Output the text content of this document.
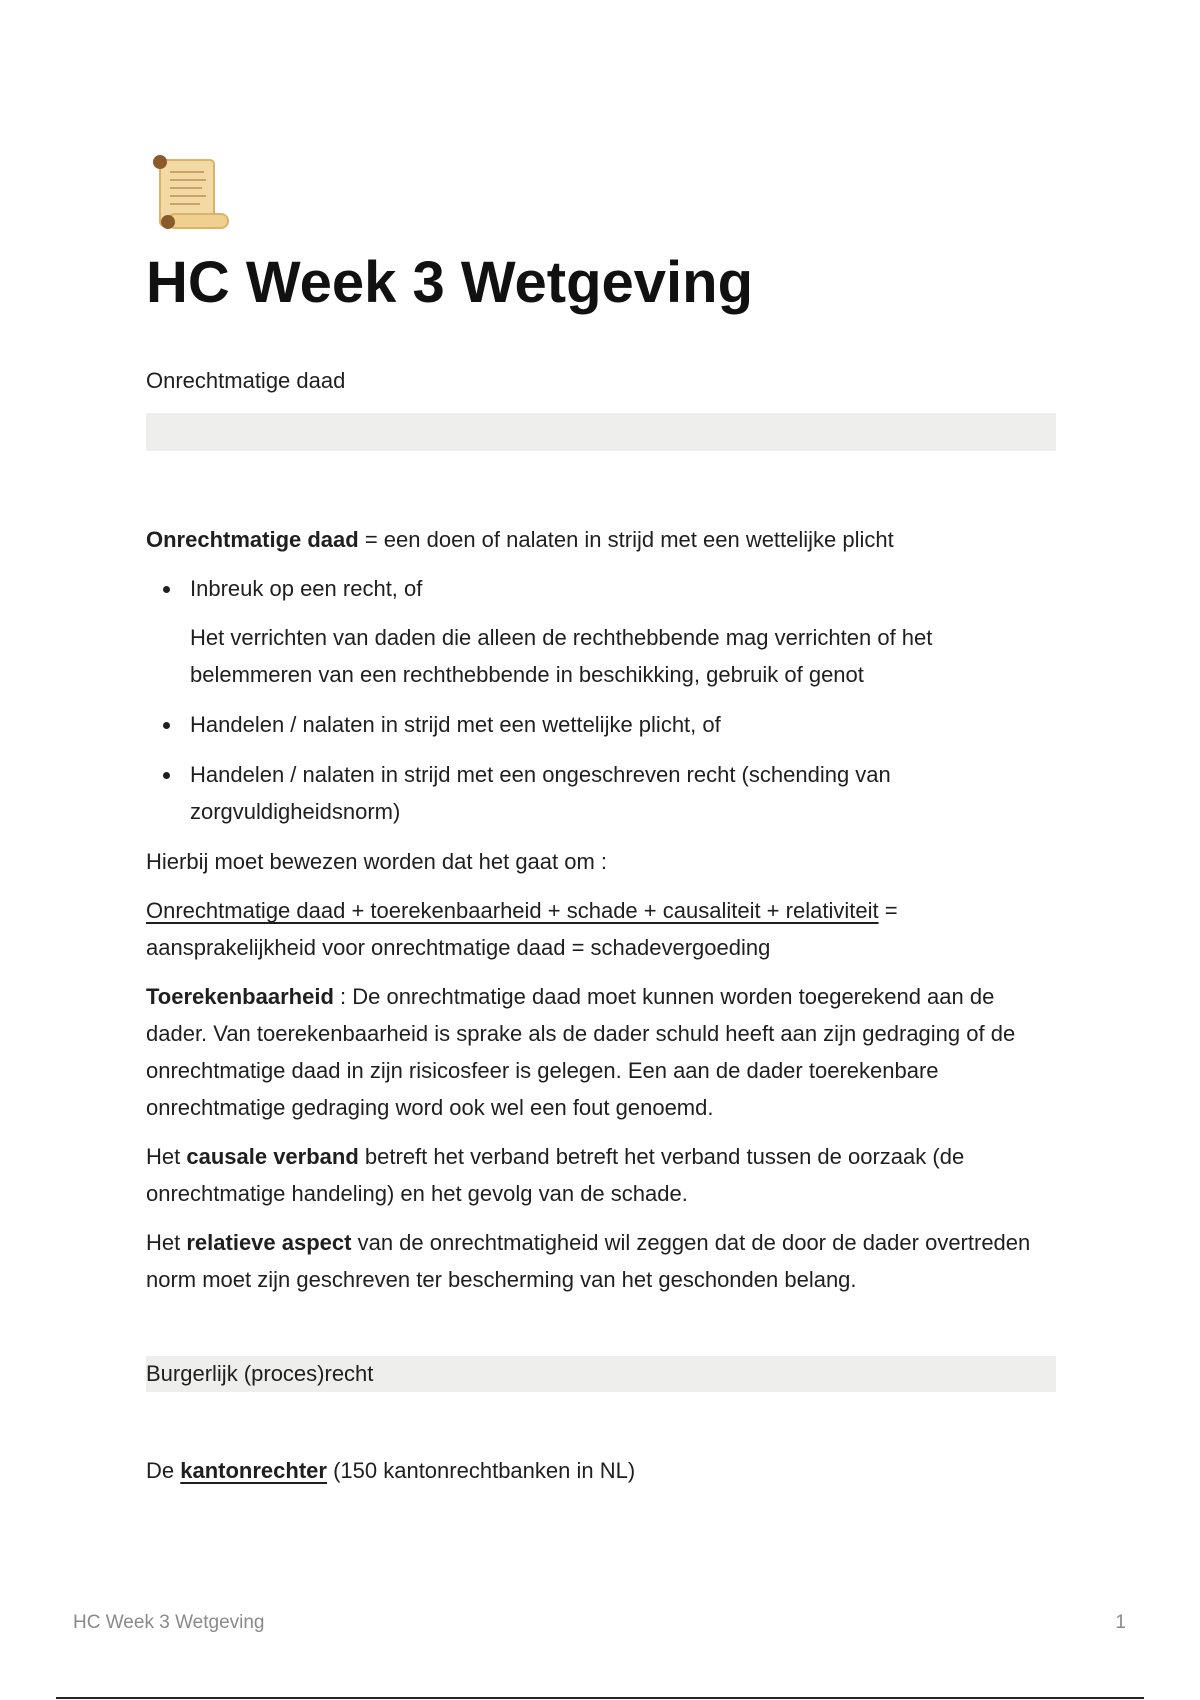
HC Week 3 Wetgeving
Onrechtmatige daad

Onrechtmatige daad = een doen of nalaten in strijd met een wettelijke plicht

Inbreuk op een recht, of
Het verrichten van daden die alleen de rechthebbende mag verrichten of het belemmeren van een rechthebbende in beschikking, gebruik of genot
Handelen / nalaten in strijd met een wettelijke plicht, of
Handelen / nalaten in strijd met een ongeschreven recht (schending van zorgvuldigheidsnorm)

Hierbij moet bewezen worden dat het gaat om :

Onrechtmatige daad + toerekenbaarheid + schade + causaliteit + relativiteit = aansprakelijkheid voor onrechtmatige daad = schadevergoeding

Toerekenbaarheid : De onrechtmatige daad moet kunnen worden toegerekend aan de dader. Van toerekenbaarheid is sprake als de dader schuld heeft aan zijn gedraging of de onrechtmatige daad in zijn risicosfeer is gelegen. Een aan de dader toerekenbare onrechtmatige gedraging word ook wel een fout genoemd.

Het causale verband betreft het verband betreft het verband tussen de oorzaak (de onrechtmatige handeling) en het gevolg van de schade.

Het relatieve aspect van de onrechtmatigheid wil zeggen dat de door de dader overtreden norm moet zijn geschreven ter bescherming van het geschonden belang.

Burgerlijk (proces)recht

De kantonrechter (150 kantonrechtbanken in NL)

HC Week 3 Wetgeving	1
